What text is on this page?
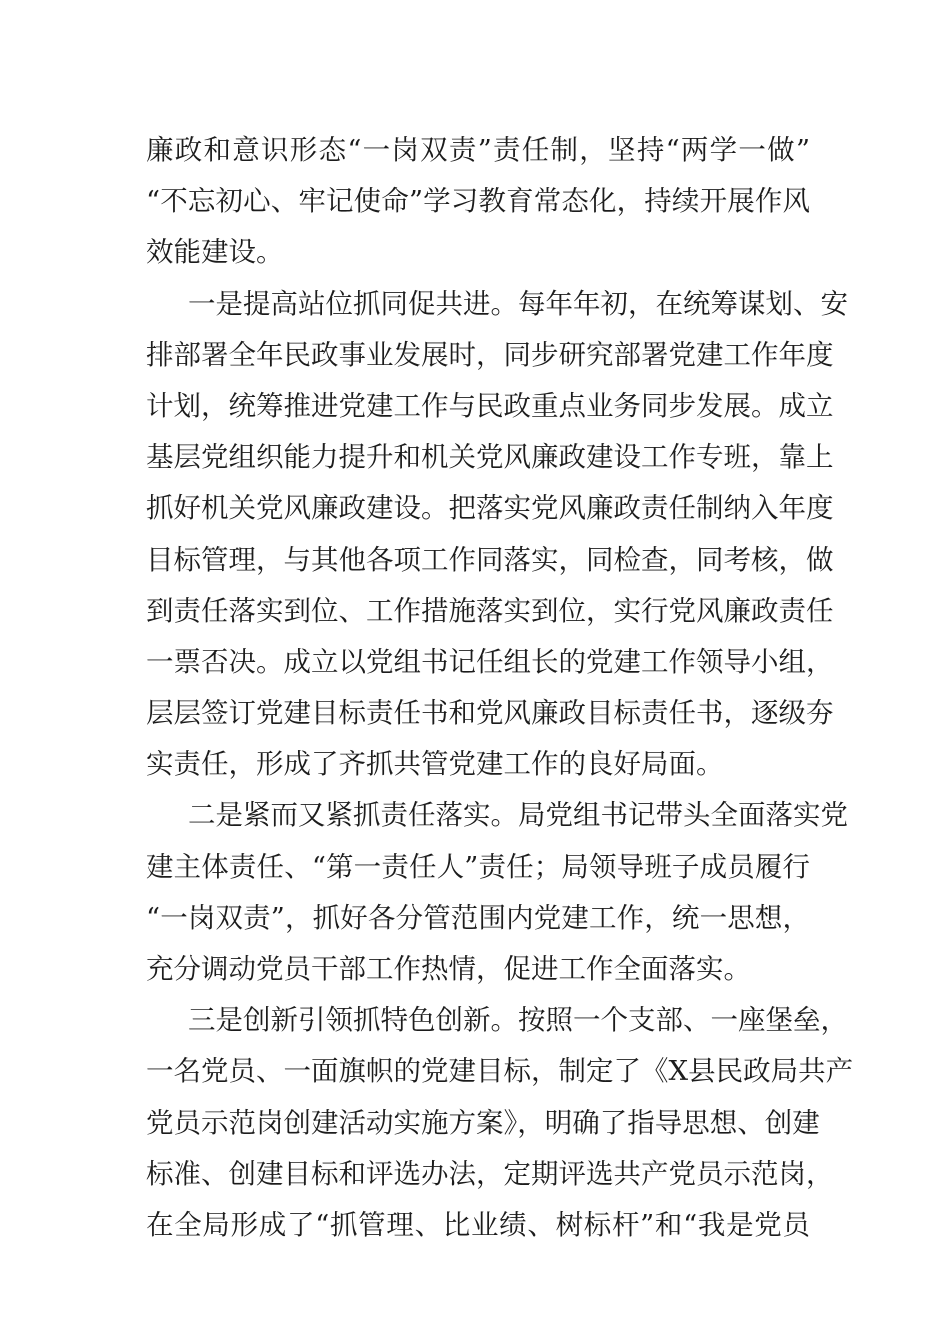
廉政和意识形态“一岗双责”责任制，坚持“两学一做”
“不忘初心、牢记使命”学习教育常态化，持续开展作风
效能建设。
一是提高站位抓同促共进。每年年初，在统筹谋划、安
排部署全年民政事业发展时，同步研究部署党建工作年度
计划，统筹推进党建工作与民政重点业务同步发展。成立
基层党组织能力提升和机关党风廉政建设工作专班，靠上
抓好机关党风廉政建设。把落实党风廉政责任制纳入年度
目标管理，与其他各项工作同落实，同检查，同考核，做
到责任落实到位、工作措施落实到位，实行党风廉政责任
一票否决。成立以党组书记任组长的党建工作领导小组，
层层签订党建目标责任书和党风廉政目标责任书，逐级夯
实责任，形成了齐抓共管党建工作的良好局面。
二是紧而又紧抓责任落实。局党组书记带头全面落实党
建主体责任、“第一责任人”责任；局领导班子成员履行
“一岗双责”，抓好各分管范围内党建工作，统一思想，
充分调动党员干部工作热情，促进工作全面落实。
三是创新引领抓特色创新。按照一个支部、一座堡垒，
一名党员、一面旗帜的党建目标，制定了《X县民政局共产
党员示范岗创建活动实施方案》，明确了指导思想、创建
标准、创建目标和评选办法，定期评选共产党员示范岗，
在全局形成了“抓管理、比业绩、树标杆”和“我是党员
